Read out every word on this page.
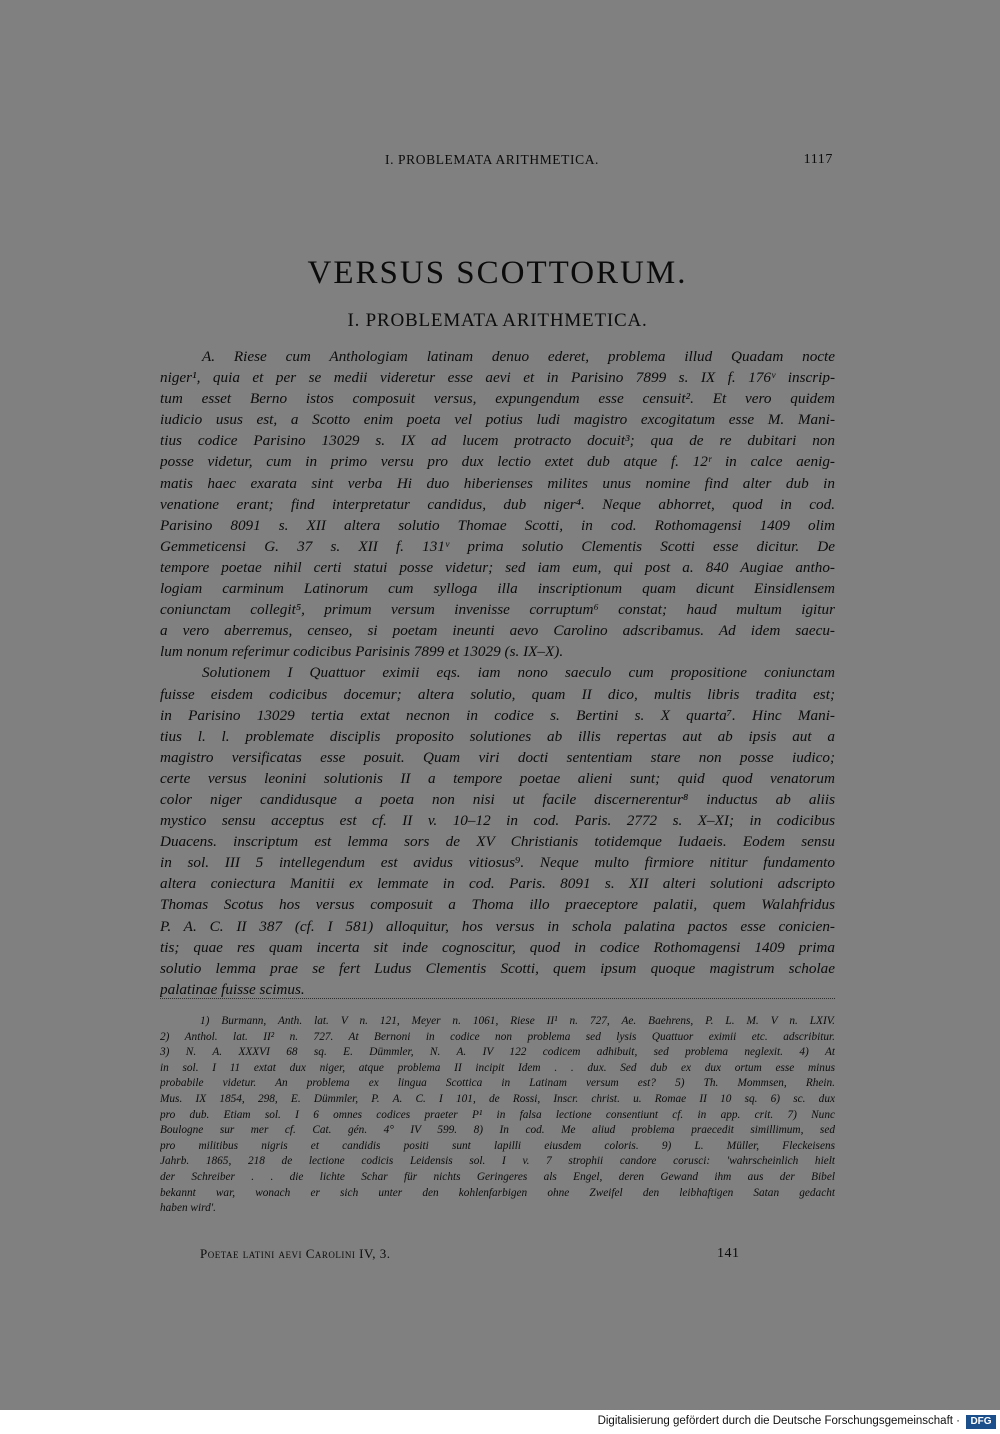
I. PROBLEMATA ARITHMETICA.	1117
VERSUS SCOTTORUM.
I. PROBLEMATA ARITHMETICA.
A. Riese cum Anthologiam latinam denuo ederet, problema illud Quadam nocte
niger¹, quia et per se medii videretur esse aevi et in Parisino 7899 s. IX f. 176ᵛ inscrip-
tum esset Berno istos composuit versus, expungendum esse censuit². Et vero quidem
iudicio usus est, a Scotto enim poeta vel potius ludi magistro excogitatum esse M. Mani-
tius codice Parisino 13029 s. IX ad lucem protracto docuit³; qua de re dubitari non
posse videtur, cum in primo versu pro dux lectio extet dub atque f. 12ʳ in calce aenig-
matis haec exarata sint verba Hi duo hiberienses milites unus nomine find alter dub in
venatione erant; find interpretatur candidus, dub niger⁴. Neque abhorret, quod in cod.
Parisino 8091 s. XII altera solutio Thomae Scotti, in cod. Rothomagensi 1409 olim
Gemmeticensi G. 37 s. XII f. 131ᵛ prima solutio Clementis Scotti esse dicitur. De
tempore poetae nihil certi statui posse videtur; sed iam eum, qui post a. 840 Augiae antho-
logiam carminum Latinorum cum sylloga illa inscriptionum quam dicunt Einsidlensem
coniunctam collegit⁵, primum versum invenisse corruptum⁶ constat; haud multum igitur
a vero aberremus, censeo, si poetam ineunti aevo Carolino adscribamus. Ad idem saecu-
lum nonum referimur codicibus Parisinis 7899 et 13029 (s. IX–X).
Solutionem I Quattuor eximii eqs. iam nono saeculo cum propositione coniunctam
fuisse eisdem codicibus docemur; altera solutio, quam II dico, multis libris tradita est;
in Parisino 13029 tertia extat necnon in codice s. Bertini s. X quarta⁷. Hinc Mani-
tius l. l. problemate disciplis proposito solutiones ab illis repertas aut ab ipsis aut a
magistro versificatas esse posuit. Quam viri docti sententiam stare non posse iudico;
certe versus leonini solutionis II a tempore poetae alieni sunt; quid quod venatorum
color niger candidusque a poeta non nisi ut facile discernerentur⁸ inductus ab aliis
mystico sensu acceptus est cf. II v. 10–12 in cod. Paris. 2772 s. X–XI; in codicibus
Duacens. inscriptum est lemma sors de XV Christianis totidemque Iudaeis. Eodem sensu
in sol. III 5 intellegendum est avidus vitiosus⁹. Neque multo firmiore nititur fundamento
altera coniectura Manitii ex lemmate in cod. Paris. 8091 s. XII alteri solutioni adscripto
Thomas Scotus hos versus composuit a Thoma illo praeceptore palatii, quem Walahfridus
P. A. C. II 387 (cf. I 581) alloquitur, hos versus in schola palatina pactos esse conicien-
tis; quae res quam incerta sit inde cognoscitur, quod in codice Rothomagensi 1409 prima
solutio lemma prae se fert Ludus Clementis Scotti, quem ipsum quoque magistrum scholae
palatinae fuisse scimus.
1) Burmann, Anth. lat. V n. 121, Meyer n. 1061, Riese II¹ n. 727, Ae. Baehrens, P. L. M. V n. LXIV.
2) Anthol. lat. II² n. 727. At Bernoni in codice non problema sed lysis Quattuor eximii etc. adscribitur.
3) N. A. XXXVI 68 sq. E. Dümmler, N. A. IV 122 codicem adhibuit, sed problema neglexit. 4) At
in sol. I 11 extat dux niger, atque problema II incipit Idem . . dux. Sed dub ex dux ortum esse minus
probabile videtur. An problema ex lingua Scottica in Latinam versum est? 5) Th. Mommsen, Rhein.
Mus. IX 1854, 298, E. Dümmler, P. A. C. I 101, de Rossi, Inscr. christ. u. Romae II 10 sq. 6) sc. dux
pro dub. Etiam sol. I 6 omnes codices praeter P¹ in falsa lectione consentiunt cf. in app. crit. 7) Nunc
Boulogne sur mer cf. Cat. gén. 4° IV 599. 8) In cod. Me aliud problema praecedit simillimum, sed
pro militibus nigris et candidis positi sunt lapilli eiusdem coloris. 9) L. Müller, Fleckeisens
Jahrb. 1865, 218 de lectione codicis Leidensis sol. I v. 7 strophii candore corusci: 'wahrscheinlich hielt
der Schreiber . . die lichte Schar für nichts Geringeres als Engel, deren Gewand ihm aus der Bibel
bekannt war, wonach er sich unter den kohlenfarbigen ohne Zweifel den leibhaftigen Satan gedacht
haben wird'.
Poetae latini aevi Carolini IV, 3.	141
Digitalisierung gefördert durch die Deutsche Forschungsgemeinschaft ·	DFG
